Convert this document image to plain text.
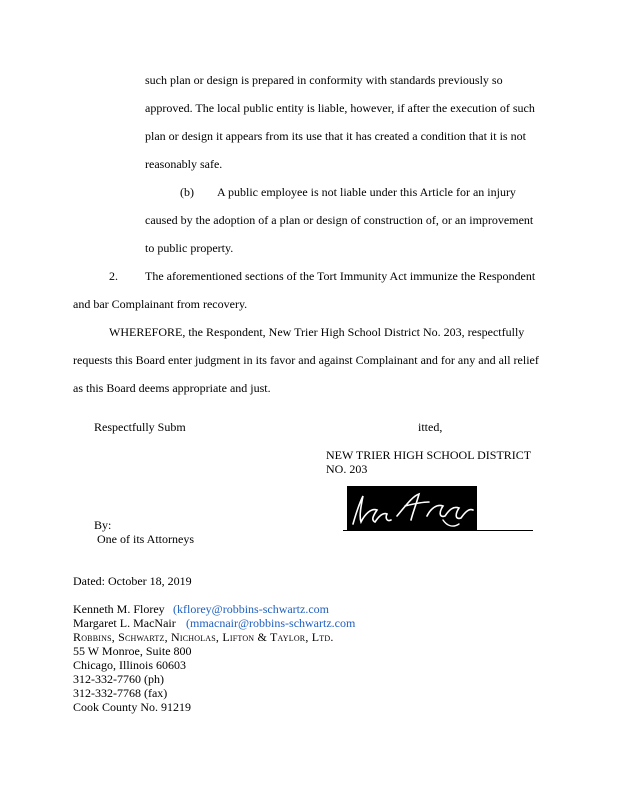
such plan or design is prepared in conformity with standards previously so
approved. The local public entity is liable, however, if after the execution of such
plan or design it appears from its use that it has created a condition that it is not
reasonably safe.
(b) A public employee is not liable under this Article for an injury
caused by the adoption of a plan or design of construction of, or an improvement
to public property.
2. The aforementioned sections of the Tort Immunity Act immunize the Respondent
and bar Complainant from recovery.
WHEREFORE, the Respondent, New Trier High School District No. 203, respectfully
requests this Board enter judgment in its favor and against Complainant and for any and all relief
as this Board deems appropriate and just.
Respectfully Subm	itted,
NEW TRIER HIGH SCHOOL DISTRICT
NO. 203
By:
One of its Attorneys
Dated: October 18, 2019
Kenneth M. Florey (kflorey@robbins-schwartz.com
Margaret L. MacNair (mmacnair@robbins-schwartz.com
Robbins, Schwartz, Nicholas, Lifton & Taylor, Ltd.
55 W Monroe, Suite 800
Chicago, Illinois 60603
312-332-7760 (ph)
312-332-7768 (fax)
Cook County No. 91219
